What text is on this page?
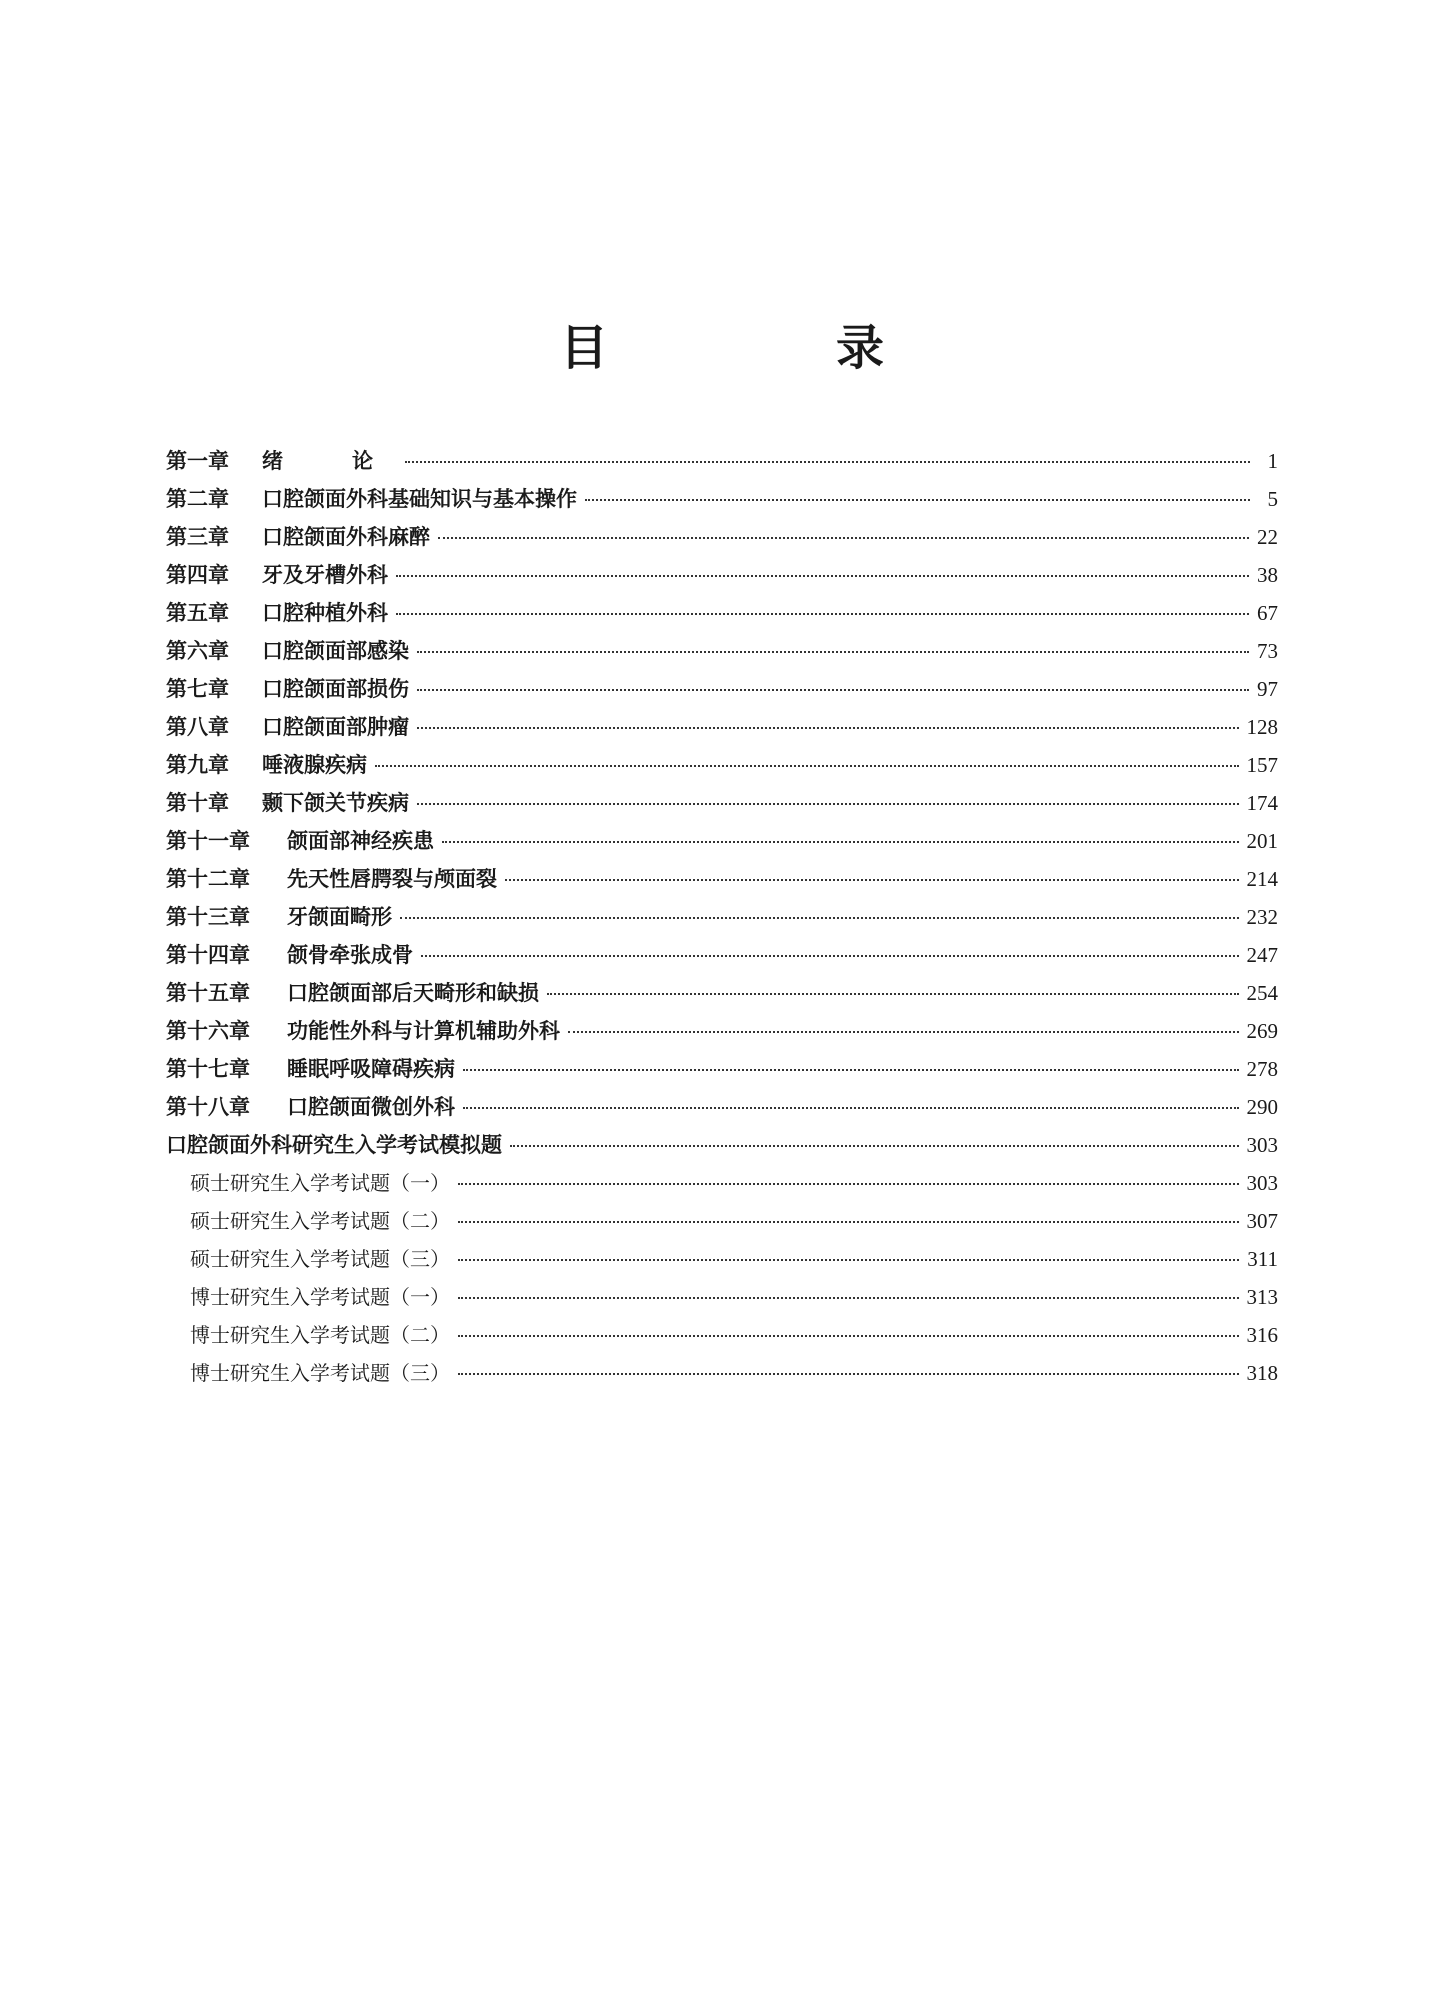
目　录
第一章	绪　论	1
第二章	口腔颌面外科基础知识与基本操作	5
第三章	口腔颌面外科麻醉	22
第四章	牙及牙槽外科	38
第五章	口腔种植外科	67
第六章	口腔颌面部感染	73
第七章	口腔颌面部损伤	97
第八章	口腔颌面部肿瘤	128
第九章	唾液腺疾病	157
第十章	颞下颌关节疾病	174
第十一章	颌面部神经疾患	201
第十二章	先天性唇腭裂与颅面裂	214
第十三章	牙颌面畸形	232
第十四章	颌骨牵张成骨	247
第十五章	口腔颌面部后天畸形和缺损	254
第十六章	功能性外科与计算机辅助外科	269
第十七章	睡眠呼吸障碍疾病	278
第十八章	口腔颌面微创外科	290
口腔颌面外科研究生入学考试模拟题	303
硕士研究生入学考试题（一）	303
硕士研究生入学考试题（二）	307
硕士研究生入学考试题（三）	311
博士研究生入学考试题（一）	313
博士研究生入学考试题（二）	316
博士研究生入学考试题（三）	318
